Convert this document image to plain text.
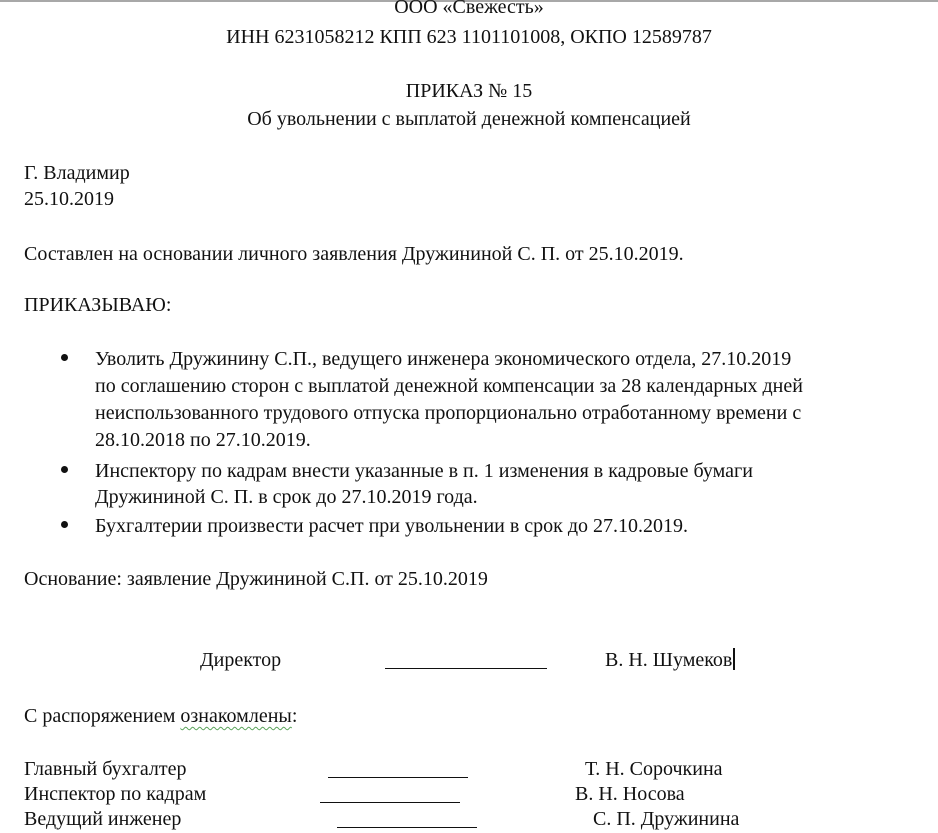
ООО «Свежесть»
ИНН 6231058212 КПП 623 1101101008, ОКПО 12589787
ПРИКАЗ № 15
Об увольнении с выплатой денежной компенсацией
Г. Владимир
25.10.2019
Составлен на основании личного заявления Дружининой С. П. от 25.10.2019.
ПРИКАЗЫВАЮ:
Уволить Дружинину С.П., ведущего инженера экономического отдела, 27.10.2019
по соглашению сторон с выплатой денежной компенсации за 28 календарных дней
неиспользованного трудового отпуска пропорционально отработанному времени с
28.10.2018 по 27.10.2019.
Инспектору по кадрам внести указанные в п. 1 изменения в кадровые бумаги
Дружининой С. П. в срок до 27.10.2019 года.
Бухгалтерии произвести расчет при увольнении в срок до 27.10.2019.
Основание: заявление Дружининой С.П. от 25.10.2019
Директор	В. Н. Шумеков
С распоряжением ознакомлены:
Главный бухгалтер	Т. Н. Сорочкина
Инспектор по кадрам	В. Н. Носова
Ведущий инженер	С. П. Дружинина
